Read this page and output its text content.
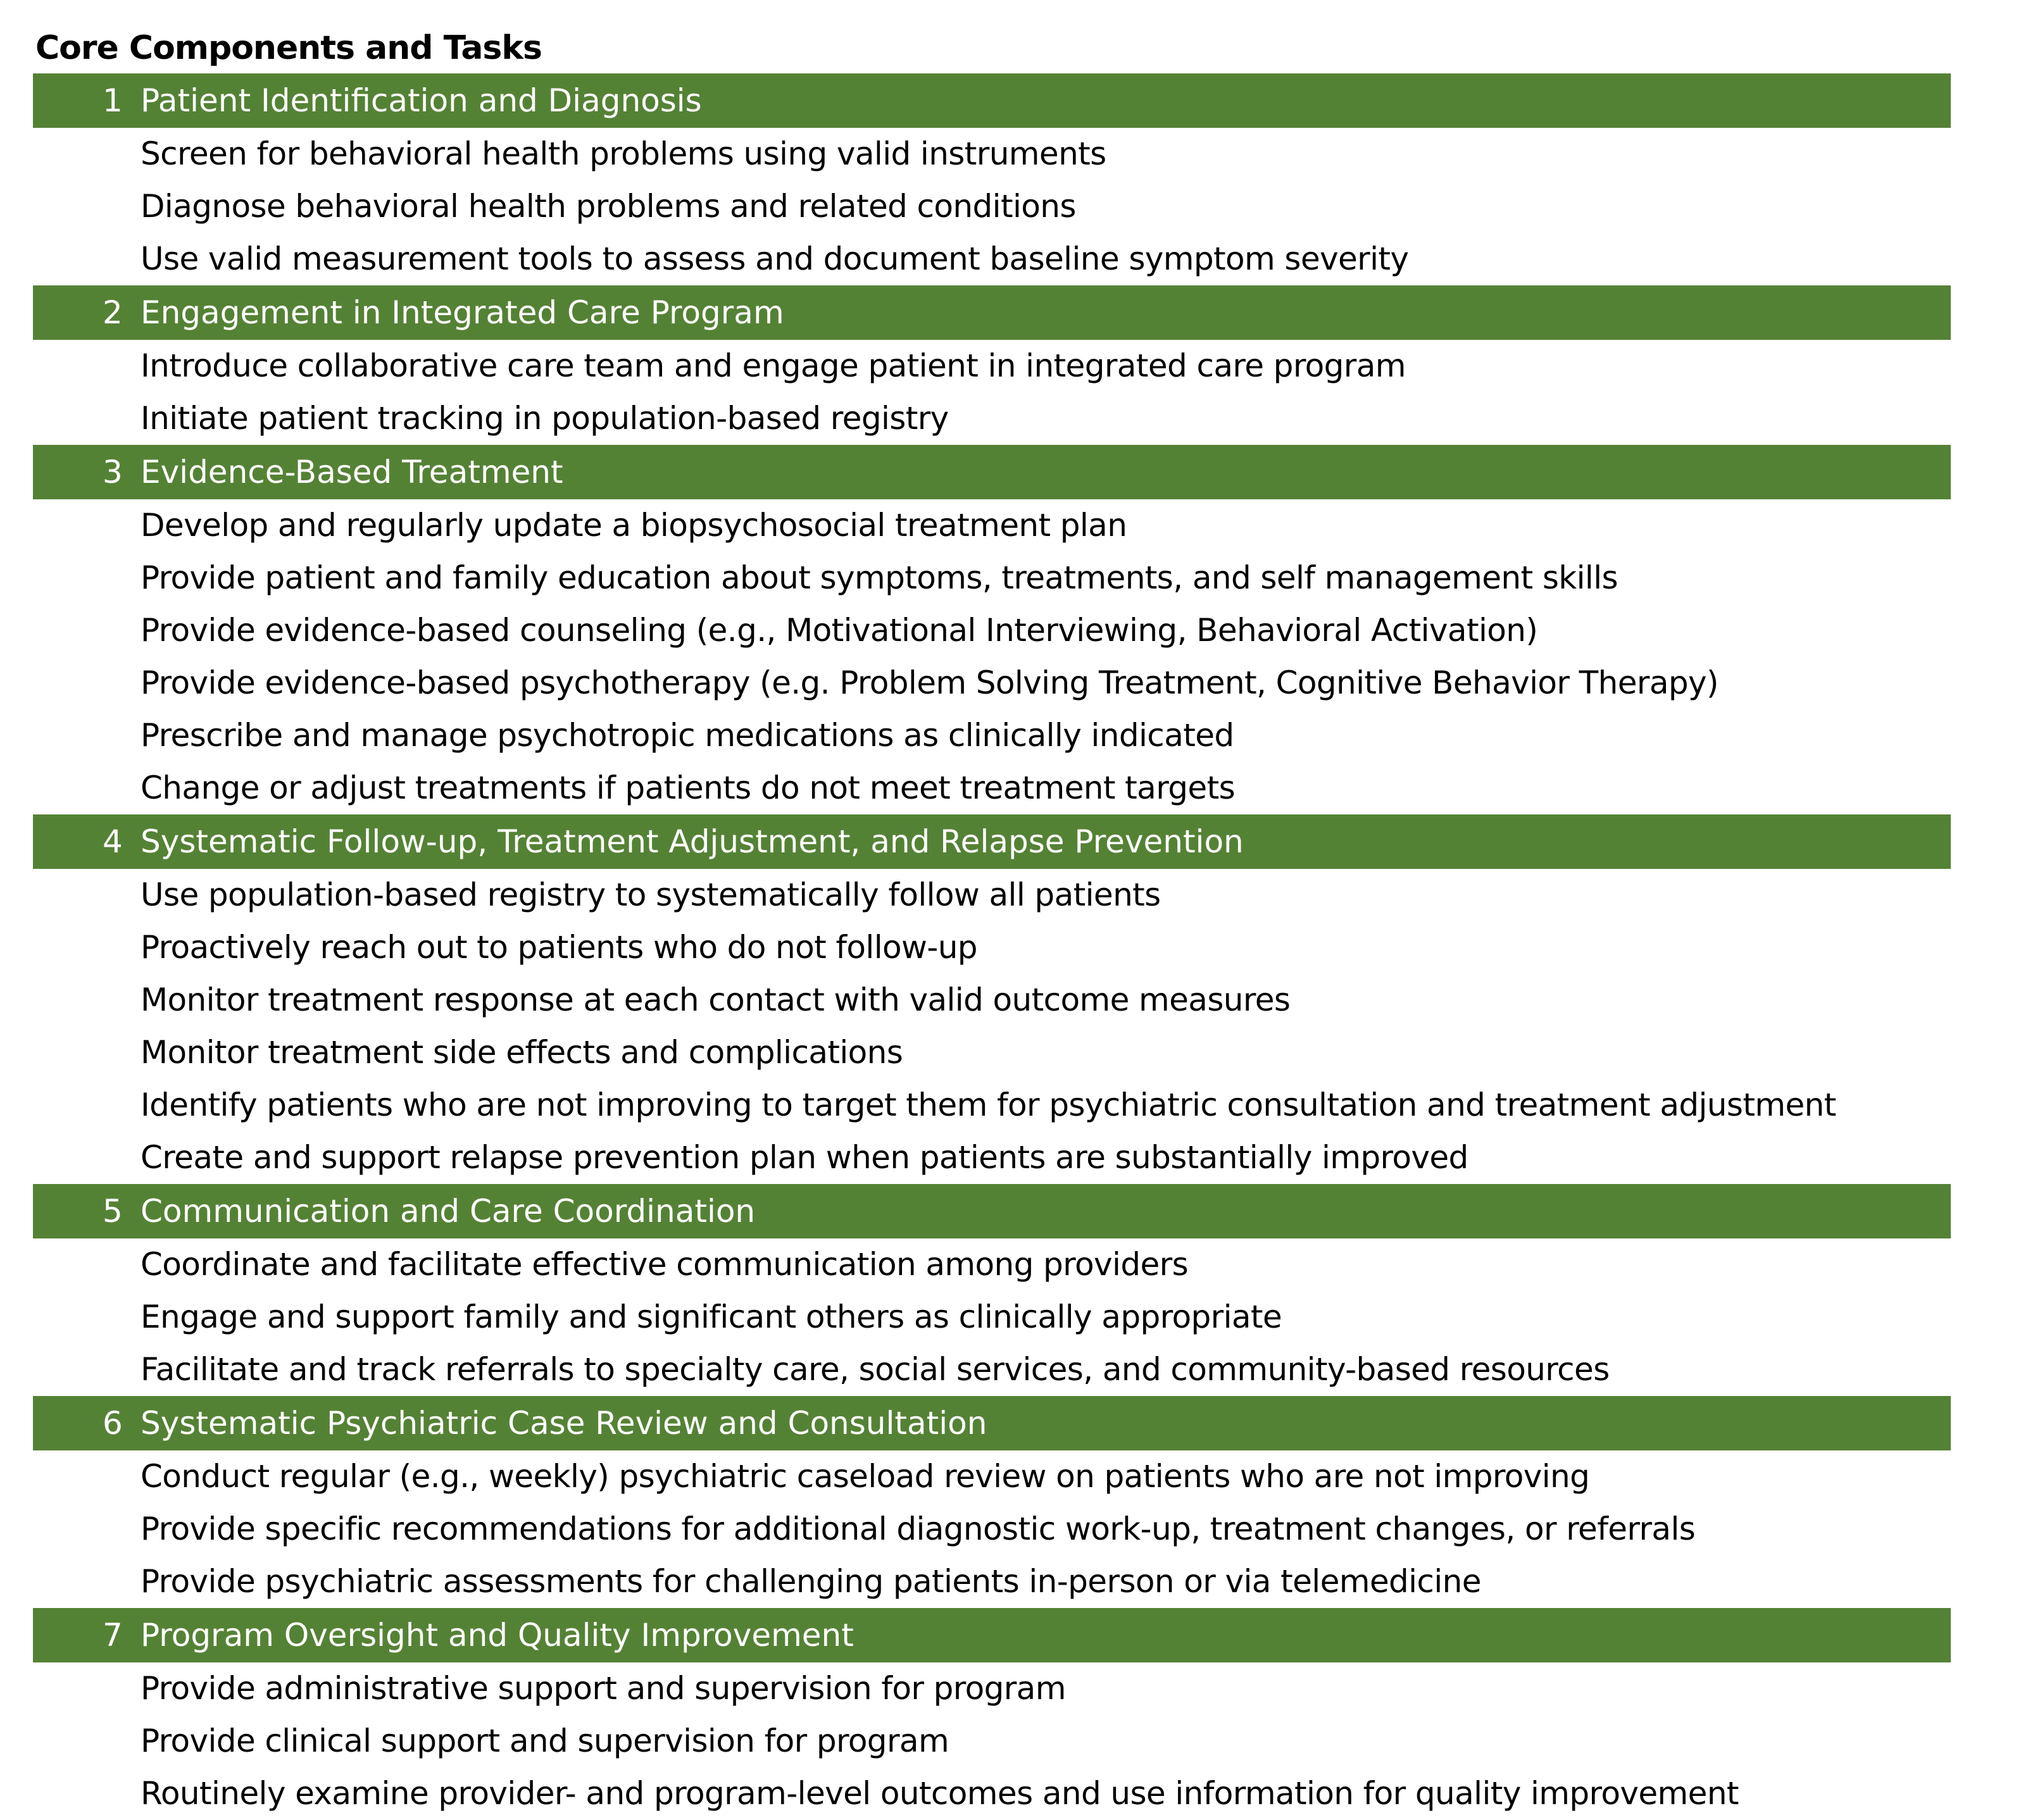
Core Components and Tasks
1 Patient Identification and Diagnosis
Screen for behavioral health problems using valid instruments
Diagnose behavioral health problems and related conditions
Use valid measurement tools to assess and document baseline symptom severity
2 Engagement in Integrated Care Program
Introduce collaborative care team and engage patient in integrated care program
Initiate patient tracking in population-based registry
3 Evidence-Based Treatment
Develop and regularly update a biopsychosocial treatment plan
Provide patient and family education about symptoms, treatments, and self management skills
Provide evidence-based counseling (e.g., Motivational Interviewing, Behavioral Activation)
Provide evidence-based psychotherapy (e.g. Problem Solving Treatment, Cognitive Behavior Therapy)
Prescribe and manage psychotropic medications as clinically indicated
Change or adjust treatments if patients do not meet treatment targets
4 Systematic Follow-up, Treatment Adjustment, and Relapse Prevention
Use population-based registry to systematically follow all patients
Proactively reach out to patients who do not follow-up
Monitor treatment response at each contact with valid outcome measures
Monitor treatment side effects and complications
Identify patients who are not improving to target them for psychiatric consultation and treatment adjustment
Create and support relapse prevention plan when patients are substantially improved
5 Communication and Care Coordination
Coordinate and facilitate effective communication among providers
Engage and support family and significant others as clinically appropriate
Facilitate and track referrals to specialty care, social services, and community-based resources
6 Systematic Psychiatric Case Review and Consultation
Conduct regular (e.g., weekly) psychiatric caseload review on patients who are not improving
Provide specific recommendations for additional diagnostic work-up, treatment changes, or referrals
Provide psychiatric assessments for challenging patients in-person or via telemedicine
7 Program Oversight and Quality Improvement
Provide administrative support and supervision for program
Provide clinical support and supervision for program
Routinely examine provider- and program-level outcomes and use information for quality improvement
